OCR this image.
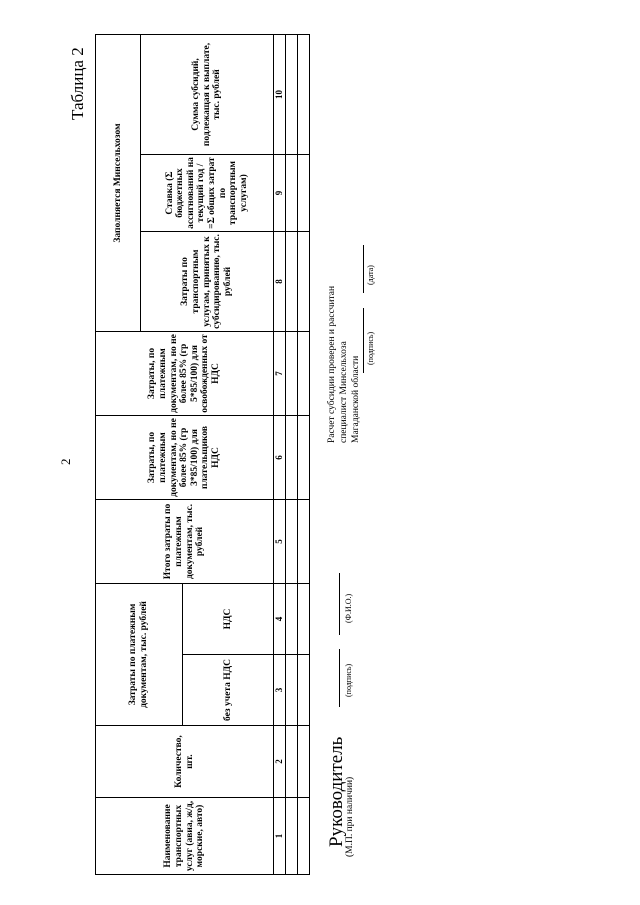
2
Таблица 2
Наименование транспортных услуг (авиа, ж/д, морские, авто)	Количество, шт.	Затраты по платежным документам, тыс. рублей		Итого затраты по платежным документам, тыс. рублей	Затраты, по платежным документам, но не более 85% (гр 3*85/100) для плательщиков НДС	Затраты, по платежным документам, но не более 85% (гр 5*85/100) для освобожденных от НДС	Заполняется Минсельхозом		
							Затраты по транспортным услугам, принятых к субсидированию, тыс. рублей	Ставка (Σ бюджетных ассигнований на текущий год / =Σ общих затрат по транспортным услугам)	Сумма субсидий, подлежащая к выплате, тыс. рублей
		без учета НДС	НДС						
1	2	3	4	5	6	7	8	9	10

Расчет субсидии проверен и рассчитан специалист Минсельхоза Магаданской области
(подпись)
(дата)
Руководитель
(М.П. при наличии)
(подпись)
(Ф.И.О.)
